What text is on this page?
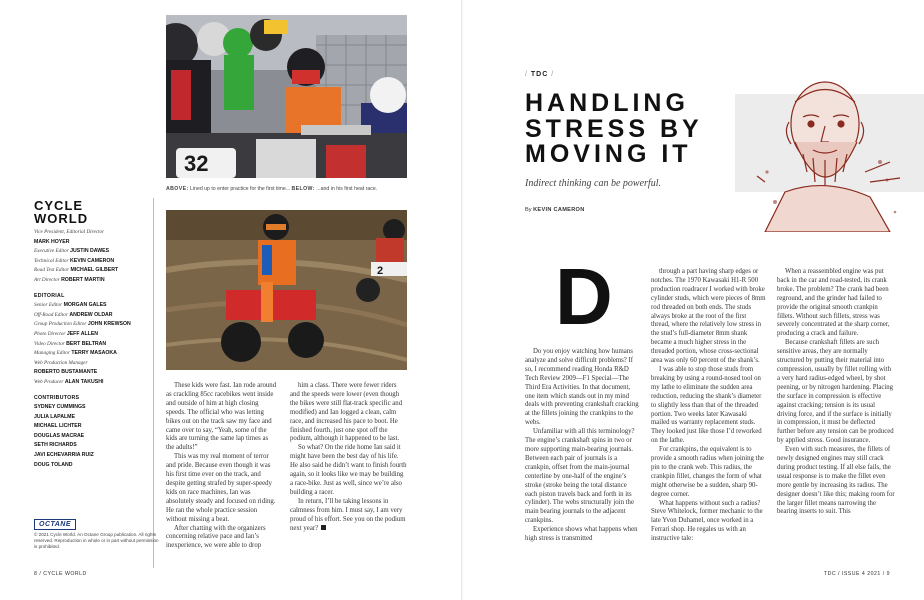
32
ABOVE: Lined up to enter practice for the first time... BELOW: ...and in his first heat race.
2
CYCLE
WORLD
Vice President, Editorial Director
MARK HOYER
Executive Editor JUSTIN DAWES
Technical Editor KEVIN CAMERON
Road Test Editor MICHAEL GILBERT
Art Director ROBERT MARTIN
EDITORIAL
Senior Editor MORGAN GALES
Off-Road Editor ANDREW OLDAR
Group Production Editor JOHN KREWSON
Photo Director JEFF ALLEN
Video Director BERT BELTRAN
Managing Editor TERRY MASAOKA
Web Production Manager
ROBERTO BUSTAMANTE
Web Producer ALAN TAKUSHI
CONTRIBUTORS
SYDNEY CUMMINGS
JULIA LAPALME
MICHAEL LICHTER
DOUGLAS MACRAE
SETH RICHARDS
JAVI ECHEVARRIA RUIZ
DOUG TOLAND
OCTANE
© 2021 Cycle World. An Octane Group publication. All rights reserved. Reproduction in whole or in part without permission is prohibited.

These kids were fast. Ian rode around as crackling 85cc racebikes went inside and outside of him at high closing speeds. The official who was letting bikes out on the track saw my face and came over to say, “Yeah, some of the kids are turning the same lap times as the adults!”

This was my real moment of terror and pride. Because even though it was his first time ever on the track, and despite getting strafed by super-speedy kids on race machines, Ian was absolutely steady and focused on riding. He ran the whole practice session without missing a beat.

After chatting with the organizers concerning relative pace and Ian’s inexperience, we were able to drop

him a class. There were fewer riders and the speeds were lower (even though the bikes were still flat-track specific and modified) and Ian logged a clean, calm race, and increased his pace to boot. He finished fourth, just one spot off the podium, although it happened to be last.

So what? On the ride home Ian said it might have been the best day of his life. He also said he didn’t want to finish fourth again, so it looks like we may be building a race-bike. Just as well, since we’re also building a racer.

In return, I’ll be taking lessons in calmness from him. I must say, I am very proud of his effort. See you on the podium next year?

8 / CYCLE WORLD
/ TDC /
HANDLING
STRESS BY
MOVING IT
Indirect thinking can be powerful.
By KEVIN CAMERON
D

Do you enjoy watching how humans analyze and solve difficult problems? If so, I recommend reading Honda R&D Tech Review 2009—F1 Special—The Third Era Activities. In that document, one item which stands out in my mind deals with preventing crankshaft cracking at the fillets joining the crankpins to the webs.

Unfamiliar with all this terminology? The engine’s crankshaft spins in two or more supporting main-bearing journals. Between each pair of journals is a crankpin, offset from the main-journal centerline by one-half of the engine’s stroke (stroke being the total distance each piston travels back and forth in its cylinder). The webs structurally join the main bearing journals to the adjacent crankpins.

Experience shows what happens when high stress is transmitted

through a part having sharp edges or notches. The 1970 Kawasaki H1-R 500 production roadracer I worked with broke cylinder studs, which were pieces of 8mm rod threaded on both ends. The studs always broke at the root of the first thread, where the relatively low stress in the stud’s full-diameter 8mm shank became a much higher stress in the threaded portion, whose cross-sectional area was only 60 percent of the shank’s.

I was able to stop those studs from breaking by using a round-nosed tool on my lathe to eliminate the sudden area reduction, reducing the shank’s diameter to slightly less than that of the threaded portion. Two weeks later Kawasaki mailed us warranty replacement studs. They looked just like those I’d reworked on the lathe.

For crankpins, the equivalent is to provide a smooth radius when joining the pin to the crank web. This radius, the crankpin fillet, changes the form of what might otherwise be a sudden, sharp 90-degree corner.

What happens without such a radius? Steve Whitelock, former mechanic to the late Yvon Duhamel, once worked in a Ferrari shop. He regales us with an instructive tale:

When a reassembled engine was put back in the car and road-tested, its crank broke. The problem? The crank had been reground, and the grinder had failed to provide the original smooth crankpin fillets. Without such fillets, stress was severely concentrated at the sharp corner, producing a crack and failure.

Because crankshaft fillets are such sensitive areas, they are normally structured by putting their material into compression, usually by fillet rolling with a very hard radius-edged wheel, by shot peening, or by nitrogen hardening. Placing the surface in compression is effective against cracking; tension is its usual driving force, and if the surface is initially in compression, it must be deflected further before any tension can be produced by applied stress. Good insurance.

Even with such measures, the fillets of newly designed engines may still crack during product testing. If all else fails, the usual response is to make the fillet even more gentle by increasing its radius. The designer doesn’t like this; making room for the larger fillet means narrowing the bearing inserts to suit. This

TDC / ISSUE 4 2021 / 9
